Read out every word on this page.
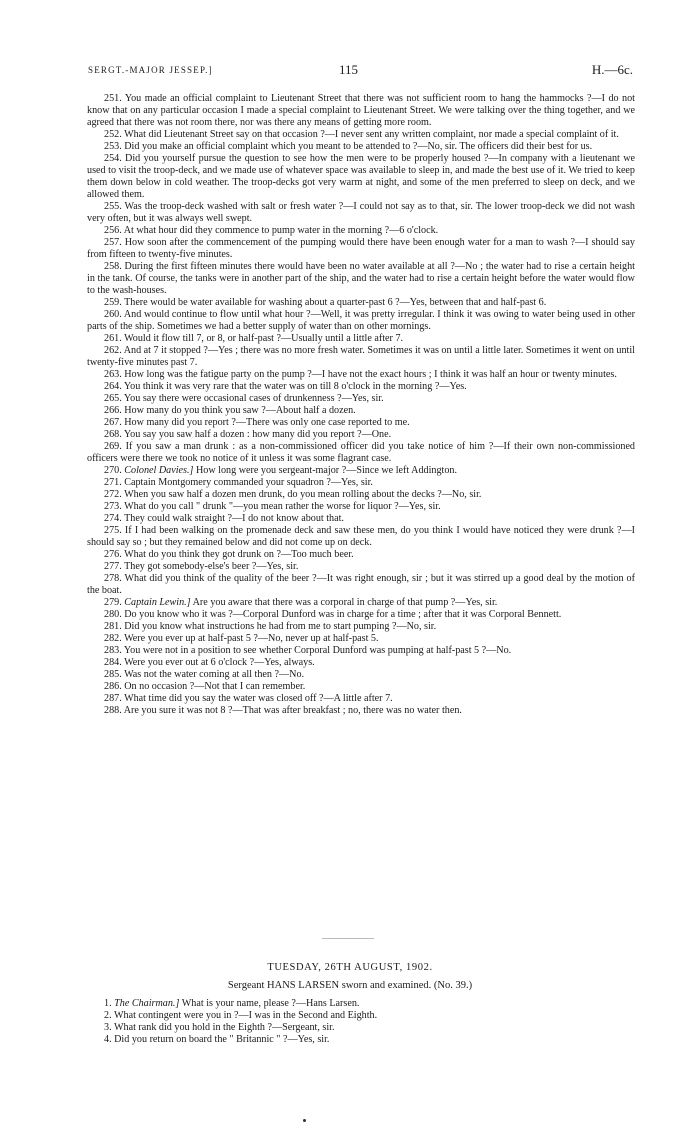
SERGT.-MAJOR JESSEP.]	115	H.—6c.

251. You made an official complaint to Lieutenant Street that there was not sufficient room to hang the hammocks ?—I do not know that on any particular occasion I made a special complaint to Lieutenant Street. We were talking over the thing together, and we agreed that there was not room there, nor was there any means of getting more room.

252. What did Lieutenant Street say on that occasion ?—I never sent any written complaint, nor made a special complaint of it.

253. Did you make an official complaint which you meant to be attended to ?—No, sir. The officers did their best for us.

254. Did you yourself pursue the question to see how the men were to be properly housed ?—In company with a lieutenant we used to visit the troop-deck, and we made use of whatever space was available to sleep in, and made the best use of it. We tried to keep them down below in cold weather. The troop-decks got very warm at night, and some of the men preferred to sleep on deck, and we allowed them.

255. Was the troop-deck washed with salt or fresh water ?—I could not say as to that, sir. The lower troop-deck we did not wash very often, but it was always well swept.

256. At what hour did they commence to pump water in the morning ?—6 o'clock.

257. How soon after the commencement of the pumping would there have been enough water for a man to wash ?—I should say from fifteen to twenty-five minutes.

258. During the first fifteen minutes there would have been no water available at all ?—No ; the water had to rise a certain height in the tank. Of course, the tanks were in another part of the ship, and the water had to rise a certain height before the water would flow to the wash-houses.

259. There would be water available for washing about a quarter-past 6 ?—Yes, between that and half-past 6.

260. And would continue to flow until what hour ?—Well, it was pretty irregular. I think it was owing to water being used in other parts of the ship. Sometimes we had a better supply of water than on other mornings.

261. Would it flow till 7, or 8, or half-past ?—Usually until a little after 7.

262. And at 7 it stopped ?—Yes ; there was no more fresh water. Sometimes it was on until a little later. Sometimes it went on until twenty-five minutes past 7.

263. How long was the fatigue party on the pump ?—I have not the exact hours ; I think it was half an hour or twenty minutes.

264. You think it was very rare that the water was on till 8 o'clock in the morning ?—Yes.

265. You say there were occasional cases of drunkenness ?—Yes, sir.

266. How many do you think you saw ?—About half a dozen.

267. How many did you report ?—There was only one case reported to me.

268. You say you saw half a dozen : how many did you report ?—One.

269. If you saw a man drunk : as a non-commissioned officer did you take notice of him ?—If their own non-commissioned officers were there we took no notice of it unless it was some flagrant case.

270. Colonel Davies.] How long were you sergeant-major ?—Since we left Addington.

271. Captain Montgomery commanded your squadron ?—Yes, sir.

272. When you saw half a dozen men drunk, do you mean rolling about the decks ?—No, sir.

273. What do you call " drunk "—you mean rather the worse for liquor ?—Yes, sir.

274. They could walk straight ?—I do not know about that.

275. If I had been walking on the promenade deck and saw these men, do you think I would have noticed they were drunk ?—I should say so ; but they remained below and did not come up on deck.

276. What do you think they got drunk on ?—Too much beer.

277. They got somebody-else's beer ?—Yes, sir.

278. What did you think of the quality of the beer ?—It was right enough, sir ; but it was stirred up a good deal by the motion of the boat.

279. Captain Lewin.] Are you aware that there was a corporal in charge of that pump ?—Yes, sir.

280. Do you know who it was ?—Corporal Dunford was in charge for a time ; after that it was Corporal Bennett.

281. Did you know what instructions he had from me to start pumping ?—No, sir.

282. Were you ever up at half-past 5 ?—No, never up at half-past 5.

283. You were not in a position to see whether Corporal Dunford was pumping at half-past 5 ?—No.

284. Were you ever out at 6 o'clock ?—Yes, always.

285. Was not the water coming at all then ?—No.

286. On no occasion ?—Not that I can remember.

287. What time did you say the water was closed off ?—A little after 7.

288. Are you sure it was not 8 ?—That was after breakfast ; no, there was no water then.

TUESDAY, 26TH AUGUST, 1902.
Sergeant HANS LARSEN sworn and examined. (No. 39.)

1. The Chairman.] What is your name, please ?—Hans Larsen.

2. What contingent were you in ?—I was in the Second and Eighth.

3. What rank did you hold in the Eighth ?—Sergeant, sir.

4. Did you return on board the " Britannic " ?—Yes, sir.
